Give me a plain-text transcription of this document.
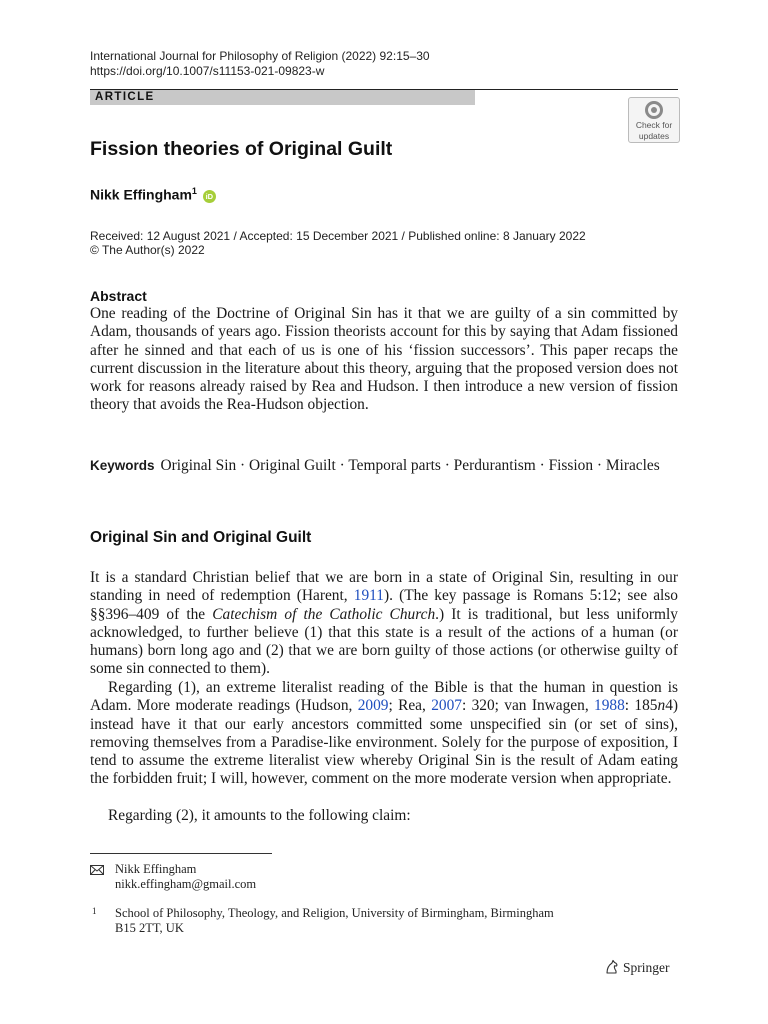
International Journal for Philosophy of Religion (2022) 92:15–30
https://doi.org/10.1007/s11153-021-09823-w
ARTICLE
Check for
updates
Fission theories of Original Guilt
Nikk Effingham$^1$ iD
Received: 12 August 2021 / Accepted: 15 December 2021 / Published online: 8 January 2022
© The Author(s) 2022
Abstract

One reading of the Doctrine of Original Sin has it that we are guilty of a sin committed by Adam, thousands of years ago. Fission theorists account for this by saying that Adam fissioned after he sinned and that each of us is one of his ‘fission successors’. This paper recaps the current discussion in the literature about this theory, arguing that the proposed version does not work for reasons already raised by Rea and Hudson. I then introduce a new version of fission theory that avoids the Rea-Hudson objection.

Keywords Original Sin · Original Guilt · Temporal parts · Perdurantism · Fission · Miracles

Original Sin and Original Guilt

It is a standard Christian belief that we are born in a state of Original Sin, resulting in our standing in need of redemption (Harent, 1911). (The key passage is Romans 5:12; see also §§396–409 of the Catechism of the Catholic Church.) It is traditional, but less uniformly acknowledged, to further believe (1) that this state is a result of the actions of a human (or humans) born long ago and (2) that we are born guilty of those actions (or otherwise guilty of some sin connected to them).

Regarding (1), an extreme literalist reading of the Bible is that the human in question is Adam. More moderate readings (Hudson, 2009; Rea, 2007: 320; van Inwagen, 1988: 185n4) instead have it that our early ancestors committed some unspecified sin (or set of sins), removing themselves from a Paradise-like environment. Solely for the purpose of exposition, I tend to assume the extreme literalist view whereby Original Sin is the result of Adam eating the forbidden fruit; I will, however, comment on the more moderate version when appropriate.

Regarding (2), it amounts to the following claim:

Nikk Effingham
nikk.effingham@gmail.com
1 School of Philosophy, Theology, and Religion, University of Birmingham, Birmingham B15 2TT, UK
Springer
